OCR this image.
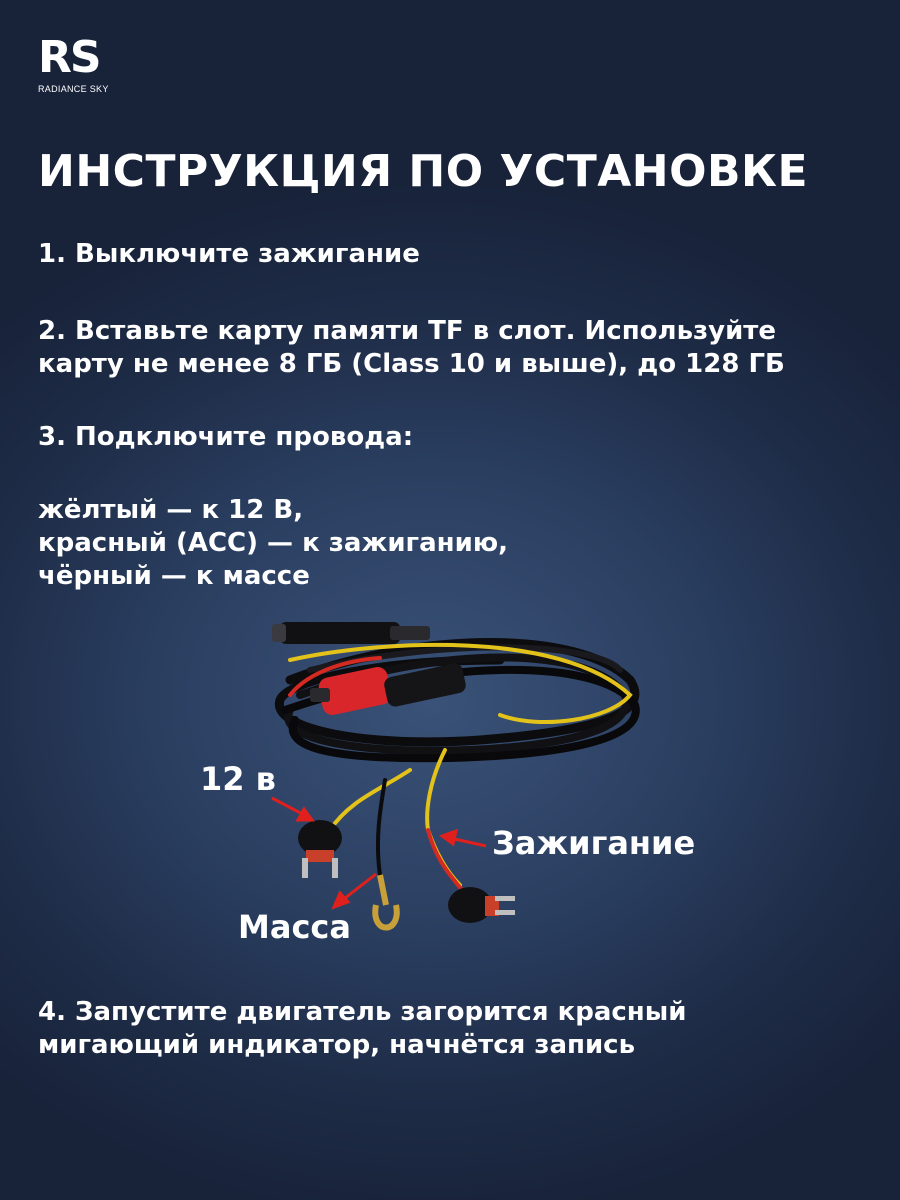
RS
RADIANCE SKY
ИНСТРУКЦИЯ ПО УСТАНОВКЕ

1. Выключите зажигание

2. Вставьте карту памяти TF в слот. Используйте
карту не менее 8 ГБ (Class 10 и выше), до 128 ГБ

3. Подключите провода:

жёлтый — к 12 В,
красный (ACC) — к зажиганию,
чёрный — к массе

12 в

Зажигание

Масса

4. Запустите двигатель загорится красный
мигающий индикатор, начнётся запись
